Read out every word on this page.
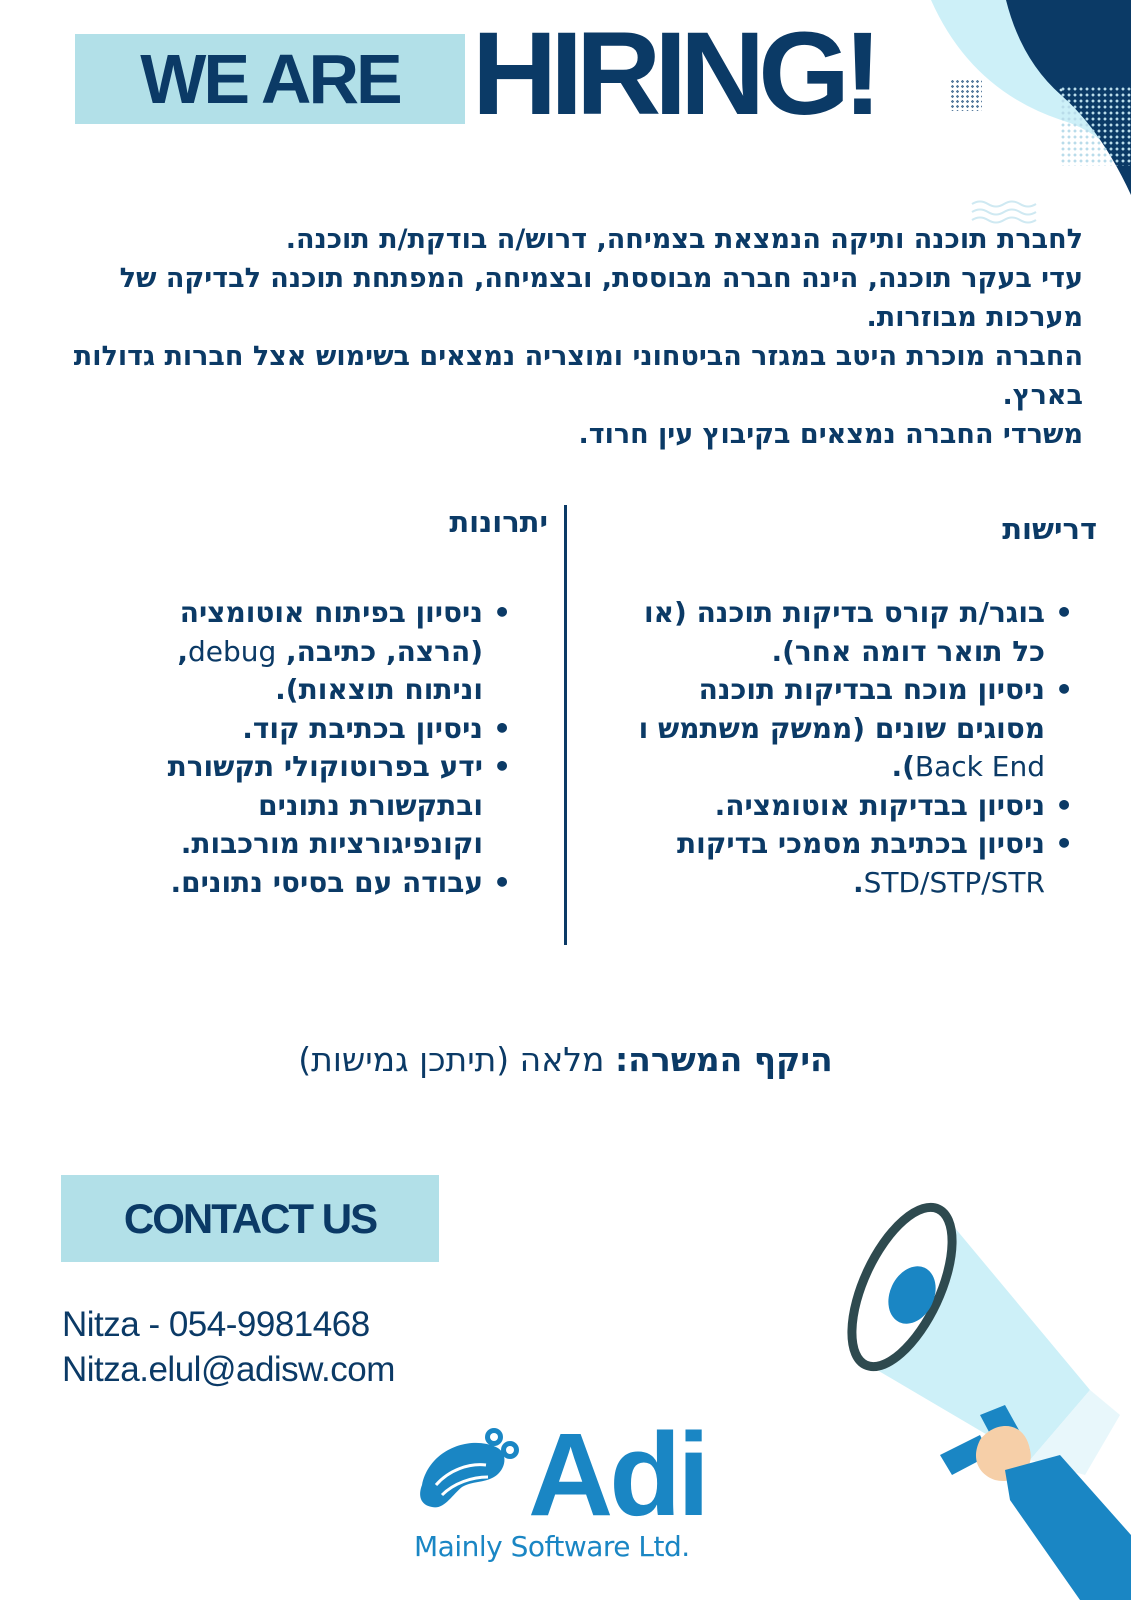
WE ARE HIRING!

לחברת תוכנה ותיקה הנמצאת בצמיחה, דרוש/ה בודקת/ת תוכנה.

עדי בעקר תוכנה, הינה חברה מבוססת, ובצמיחה, המפתחת תוכנה לבדיקה של מערכות מבוזרות.

החברה מוכרת היטב במגזר הביטחוני ומוצריה נמצאים בשימוש אצל חברות גדולות בארץ.

משרדי החברה נמצאים בקיבוץ עין חרוד.

דרישות
• בוגר/ת קורס בדיקות תוכנה (או כל תואר דומה אחר).
• ניסיון מוכח בבדיקות תוכנה מסוגים שונים (ממשק משתמש ו Back End).
• ניסיון בבדיקות אוטומציה.
• ניסיון בכתיבת מסמכי בדיקות STD/STP/STR.
יתרונות
• ניסיון בפיתוח אוטומציה (הרצה, כתיבה, debug, וניתוח תוצאות).
• ניסיון בכתיבת קוד.
• ידע בפרוטוקולי תקשורת ובתקשורת נתונים וקונפיגורציות מורכבות.
• עבודה עם בסיסי נתונים.
היקף המשרה: מלאה (תיתכן גמישות)
CONTACT US
Nitza - 054-9981468
Nitza.elul@adisw.com
Adi
Mainly Software Ltd.
